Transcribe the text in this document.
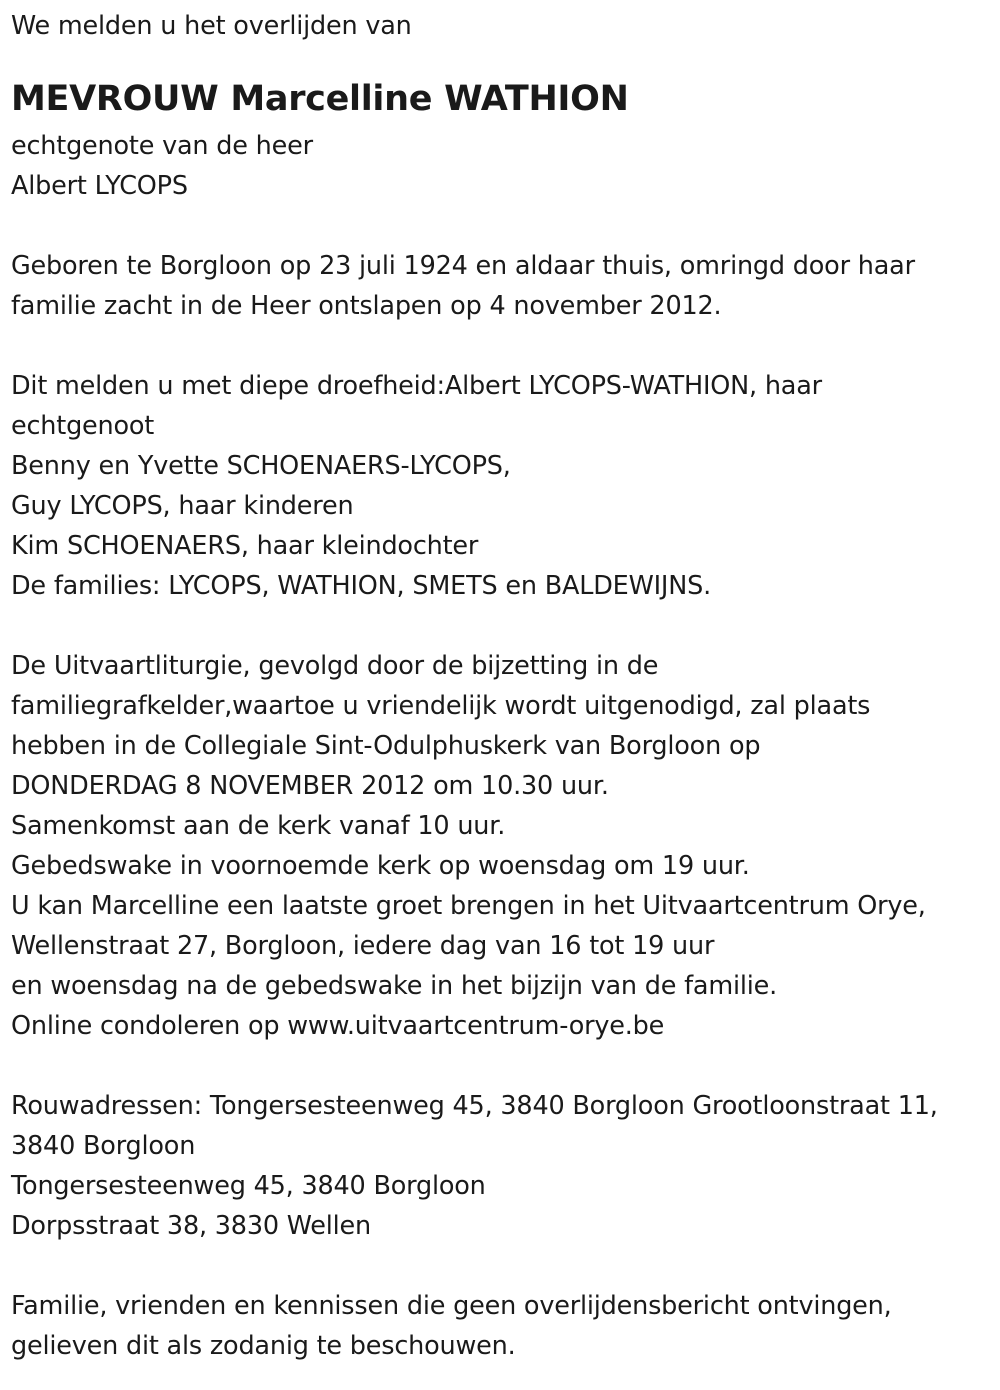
We melden u het overlijden van
MEVROUW Marcelline WATHION
echtgenote van de heer
Albert LYCOPS
Geboren te Borgloon op 23 juli 1924 en aldaar thuis, omringd door haar
familie zacht in de Heer ontslapen op 4 november 2012.
Dit melden u met diepe droefheid:Albert LYCOPS-WATHION, haar
echtgenoot
Benny en Yvette SCHOENAERS-LYCOPS,
Guy LYCOPS, haar kinderen
Kim SCHOENAERS, haar kleindochter
De families: LYCOPS, WATHION, SMETS en BALDEWIJNS.
De Uitvaartliturgie, gevolgd door de bijzetting in de
familiegrafkelder,waartoe u vriendelijk wordt uitgenodigd, zal plaats
hebben in de Collegiale Sint-Odulphuskerk van Borgloon op
DONDERDAG 8 NOVEMBER 2012 om 10.30 uur.
Samenkomst aan de kerk vanaf 10 uur.
Gebedswake in voornoemde kerk op woensdag om 19 uur.
U kan Marcelline een laatste groet brengen in het Uitvaartcentrum Orye,
Wellenstraat 27, Borgloon, iedere dag van 16 tot 19 uur
en woensdag na de gebedswake in het bijzijn van de familie.
Online condoleren op www.uitvaartcentrum-orye.be
Rouwadressen: Tongersesteenweg 45, 3840 Borgloon Grootloonstraat 11,
3840 Borgloon
Tongersesteenweg 45, 3840 Borgloon
Dorpsstraat 38, 3830 Wellen
Familie, vrienden en kennissen die geen overlijdensbericht ontvingen,
gelieven dit als zodanig te beschouwen.
